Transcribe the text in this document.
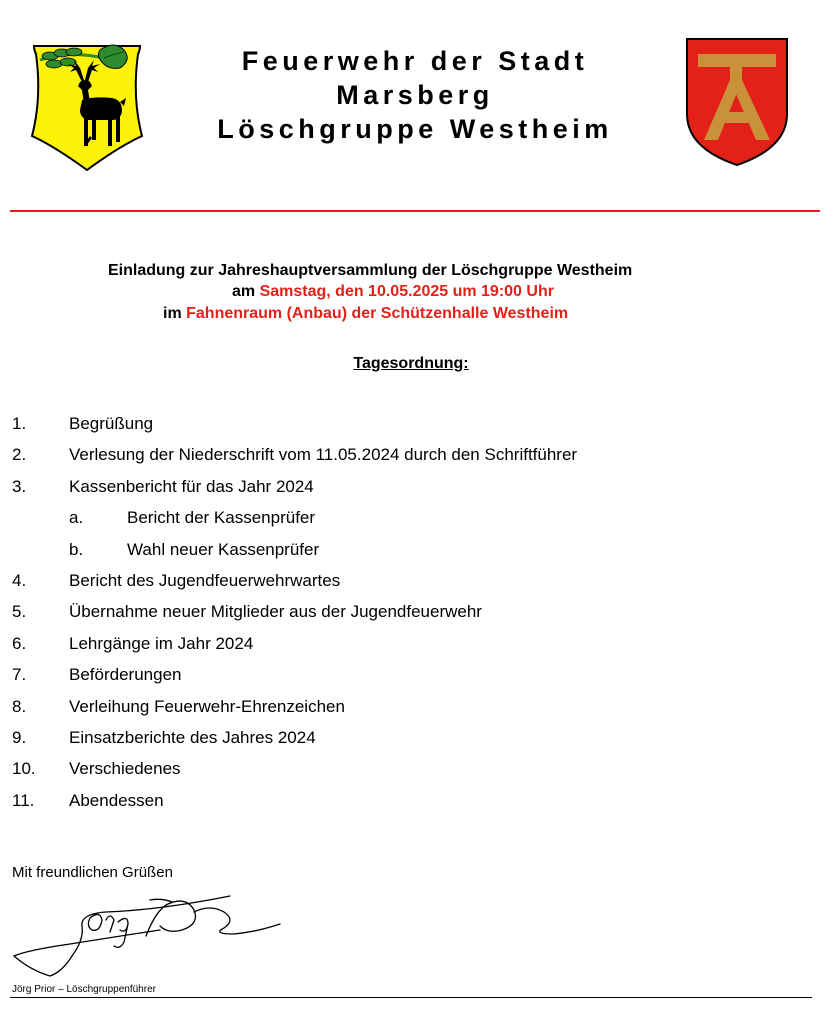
Feuerwehr der Stadt
Marsberg
Löschgruppe Westheim
Einladung zur Jahreshauptversammlung der Löschgruppe Westheim
am Samstag, den 10.05.2025 um 19:00 Uhr
im Fahnenraum (Anbau) der Schützenhalle Westheim
Tagesordnung:
1.	Begrüßung
2.	Verlesung der Niederschrift vom 11.05.2024 durch den Schriftführer
3.	Kassenbericht für das Jahr 2024
a.	Bericht der Kassenprüfer
b.	Wahl neuer Kassenprüfer
4.	Bericht des Jugendfeuerwehrwartes
5.	Übernahme neuer Mitglieder aus der Jugendfeuerwehr
6.	Lehrgänge im Jahr 2024
7.	Beförderungen
8.	Verleihung Feuerwehr-Ehrenzeichen
9.	Einsatzberichte des Jahres 2024
10. Verschiedenes
11. Abendessen
Mit freundlichen Grüßen
Jörg Prior – Löschgruppenführer
